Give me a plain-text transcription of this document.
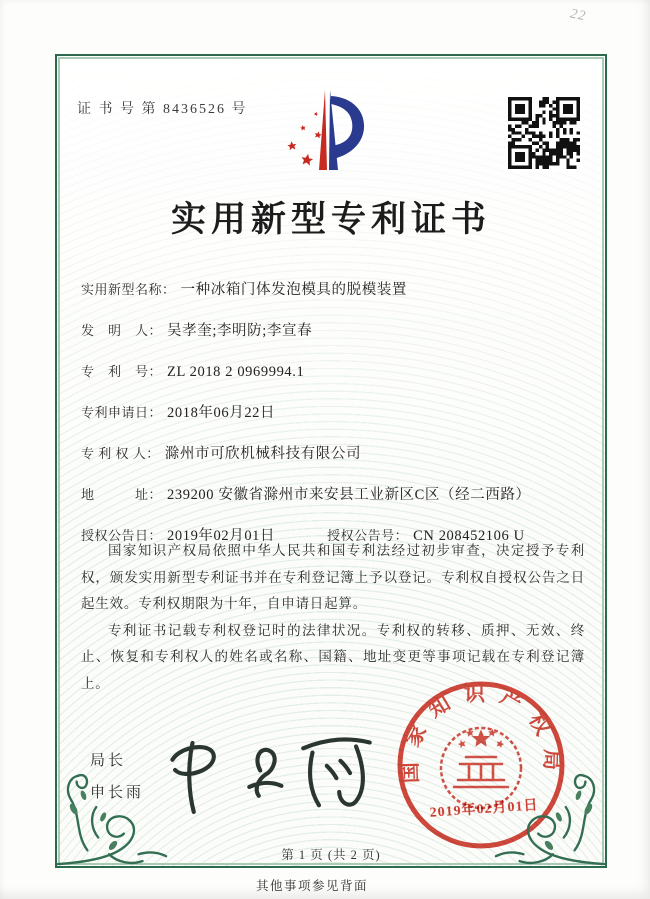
22
证 书 号 第 8436526 号
实用新型专利证书
实用新型名称： 一种冰箱门体发泡模具的脱模装置
发　明　人： 吴孝奎;李明防;李宣春
专　利　号： ZL 2018 2 0969994.1
专利申请日： 2018年06月22日
专 利 权 人： 滁州市可欣机械科技有限公司
地　　　址： 239200 安徽省滁州市来安县工业新区C区（经二西路）
授权公告日： 2019年02月01日	授权公告号： CN 208452106 U

国家知识产权局依照中华人民共和国专利法经过初步审查，决定授予专利权，颁发实用新型专利证书并在专利登记簿上予以登记。专利权自授权公告之日起生效。专利权期限为十年，自申请日起算。

专利证书记载专利权登记时的法律状况。专利权的转移、质押、无效、终止、恢复和专利权人的姓名或名称、国籍、地址变更等事项记载在专利登记簿上。

局长
申长雨
国家知识产权局
2019年02月01日
第 1 页 (共 2 页)
其他事项参见背面
